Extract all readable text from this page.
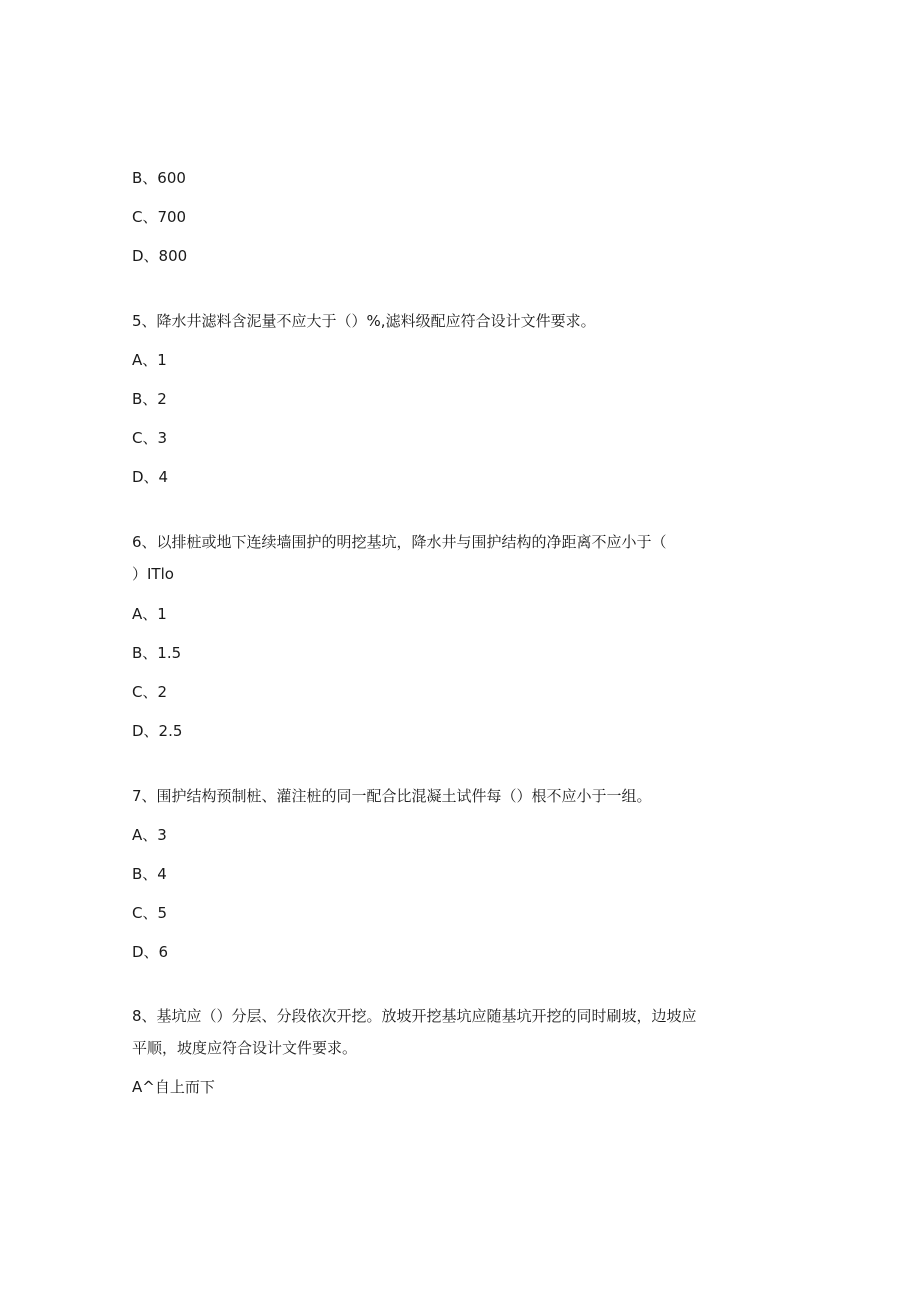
B、600
C、700
D、800
5、降水井滤料含泥量不应大于（）%,滤料级配应符合设计文件要求。
A、1
B、2
C、3
D、4
6、以排桩或地下连续墙围护的明挖基坑，降水井与围护结构的净距离不应小于（
）ITlo
A、1
B、1.5
C、2
D、2.5
7、围护结构预制桩、灌注桩的同一配合比混凝土试件每（）根不应小于一组。
A、3
B、4
C、5
D、6
8、基坑应（）分层、分段依次开挖。放坡开挖基坑应随基坑开挖的同时刷坡，边坡应
平顺，坡度应符合设计文件要求。
A^自上而下
